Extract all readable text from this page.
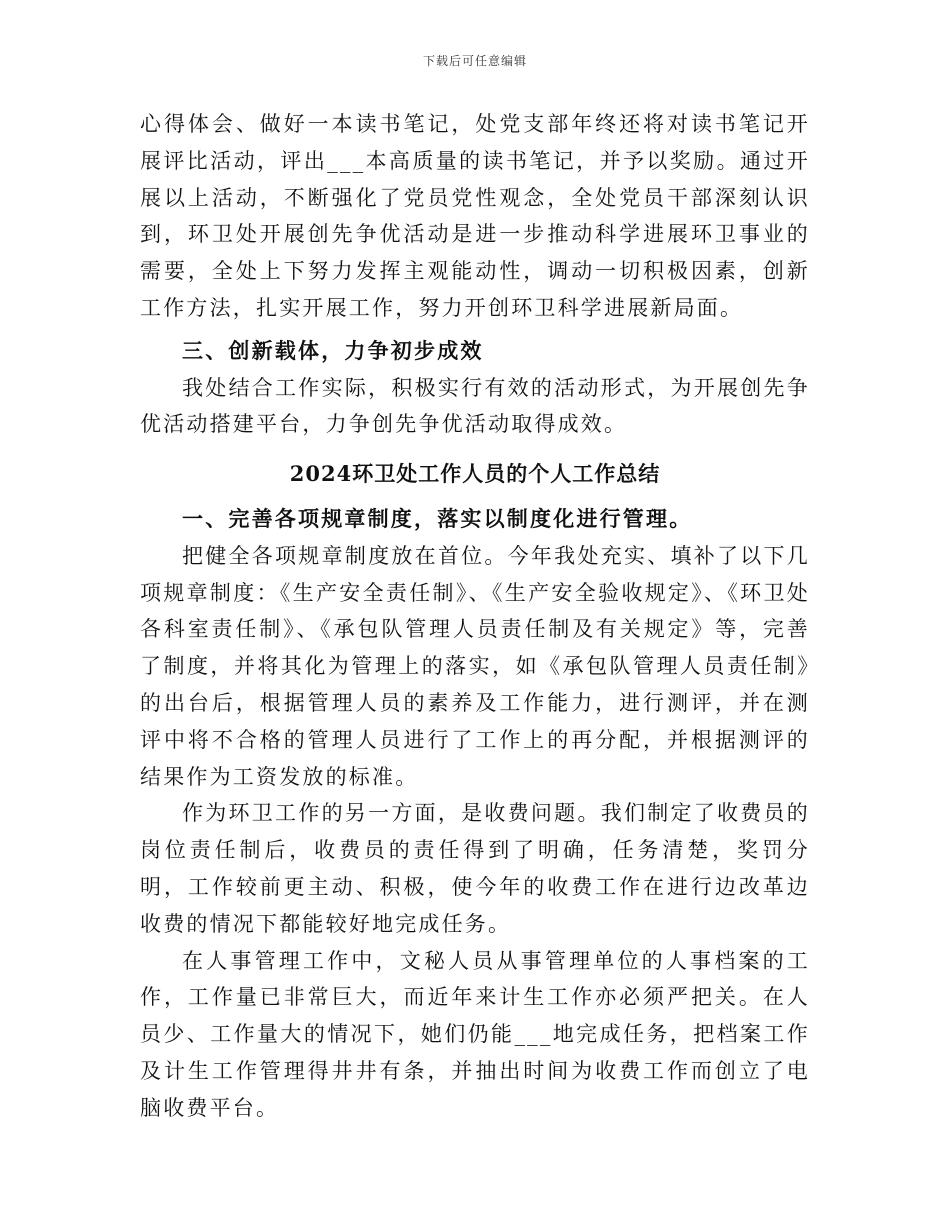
下载后可任意编辑

心得体会、做好一本读书笔记，处党支部年终还将对读书笔记开展评比活动，评出___本高质量的读书笔记，并予以奖励。通过开展以上活动，不断强化了党员党性观念，全处党员干部深刻认识到，环卫处开展创先争优活动是进一步推动科学进展环卫事业的需要，全处上下努力发挥主观能动性，调动一切积极因素，创新工作方法，扎实开展工作，努力开创环卫科学进展新局面。

三、创新载体，力争初步成效

我处结合工作实际，积极实行有效的活动形式，为开展创先争优活动搭建平台，力争创先争优活动取得成效。

2024环卫处工作人员的个人工作总结

一、完善各项规章制度，落实以制度化进行管理。

把健全各项规章制度放在首位。今年我处充实、填补了以下几项规章制度：《生产安全责任制》、《生产安全验收规定》、《环卫处各科室责任制》、《承包队管理人员责任制及有关规定》等，完善了制度，并将其化为管理上的落实，如《承包队管理人员责任制》的出台后，根据管理人员的素养及工作能力，进行测评，并在测评中将不合格的管理人员进行了工作上的再分配，并根据测评的结果作为工资发放的标准。

作为环卫工作的另一方面，是收费问题。我们制定了收费员的岗位责任制后，收费员的责任得到了明确，任务清楚，奖罚分明，工作较前更主动、积极，使今年的收费工作在进行边改革边收费的情况下都能较好地完成任务。

在人事管理工作中，文秘人员从事管理单位的人事档案的工作，工作量已非常巨大，而近年来计生工作亦必须严把关。在人员少、工作量大的情况下，她们仍能___地完成任务，把档案工作及计生工作管理得井井有条，并抽出时间为收费工作而创立了电脑收费平台。
